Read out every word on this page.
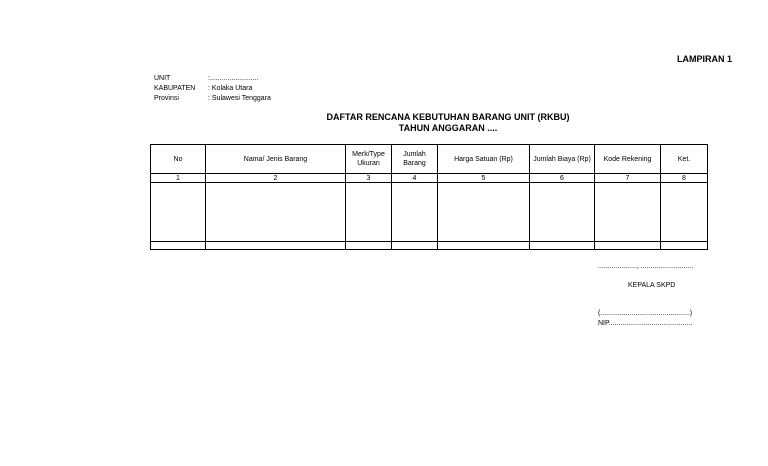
LAMPIRAN 1
UNIT	:.........................
KABUPATEN	: Kolaka Utara
Provinsi	: Sulawesi Tenggara
DAFTAR RENCANA KEBUTUHAN BARANG UNIT (RKBU)
TAHUN ANGGARAN ....
No	Nama/ Jenis Barang	Merk/Type Ukuran	Jumlah Barang	Harga Satuan (Rp)	Jumlah Biaya (Rp)	Kode Rekening	Ket.
1	2	3	4	5	6	7	8

...................., ...........................
KEPALA SKPD
(..............................................)
NIP...........................................
